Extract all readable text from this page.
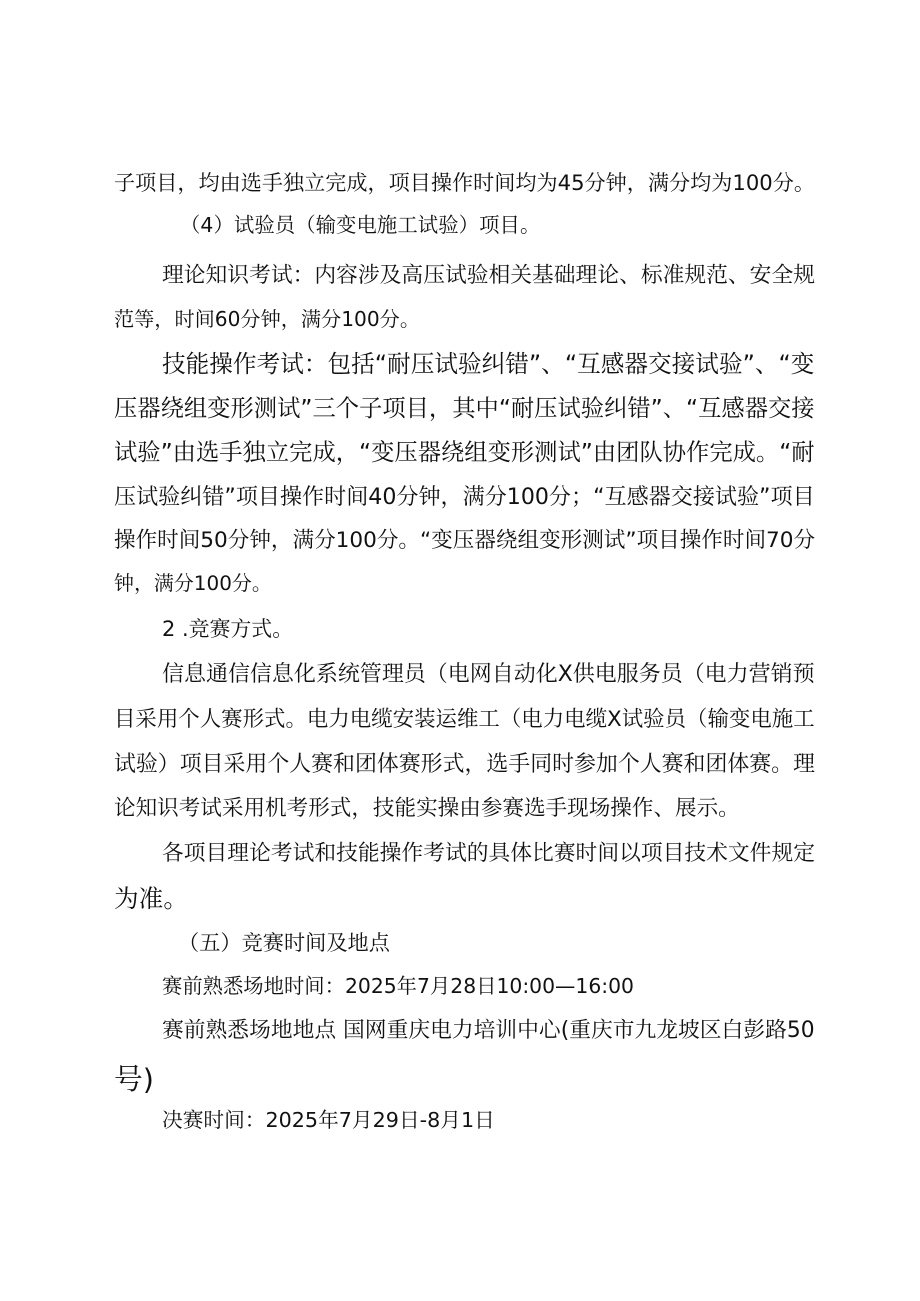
子项目，均由选手独立完成，项目操作时间均为45分钟，满分均为100分。
（4）试验员（输变电施工试验）项目。
理论知识考试：内容涉及高压试验相关基础理论、标准规范、安全规
范等，时间60分钟，满分100分。
技能操作考试：包括“耐压试验纠错”、“互感器交接试验”、“变
压器绕组变形测试”三个子项目，其中“耐压试验纠错”、“互感器交接
试验”由选手独立完成，“变压器绕组变形测试”由团队协作完成。“耐
压试验纠错”项目操作时间40分钟，满分100分；“互感器交接试验”项目
操作时间50分钟，满分100分。“变压器绕组变形测试”项目操作时间70分
钟，满分100分。
2 .竞赛方式。
信息通信信息化系统管理员（电网自动化X供电服务员（电力营销预
目采用个人赛形式。电力电缆安装运维工（电力电缆X试验员（输变电施工
试验）项目采用个人赛和团体赛形式，选手同时参加个人赛和团体赛。理
论知识考试采用机考形式，技能实操由参赛选手现场操作、展示。
各项目理论考试和技能操作考试的具体比赛时间以项目技术文件规定
为准。
（五）竞赛时间及地点
赛前熟悉场地时间：2025年7月28日10:00—16:00
赛前熟悉场地地点 国网重庆电力培训中心(重庆市九龙坡区白彭路50
号)
决赛时间：2025年7月29日-8月1日
